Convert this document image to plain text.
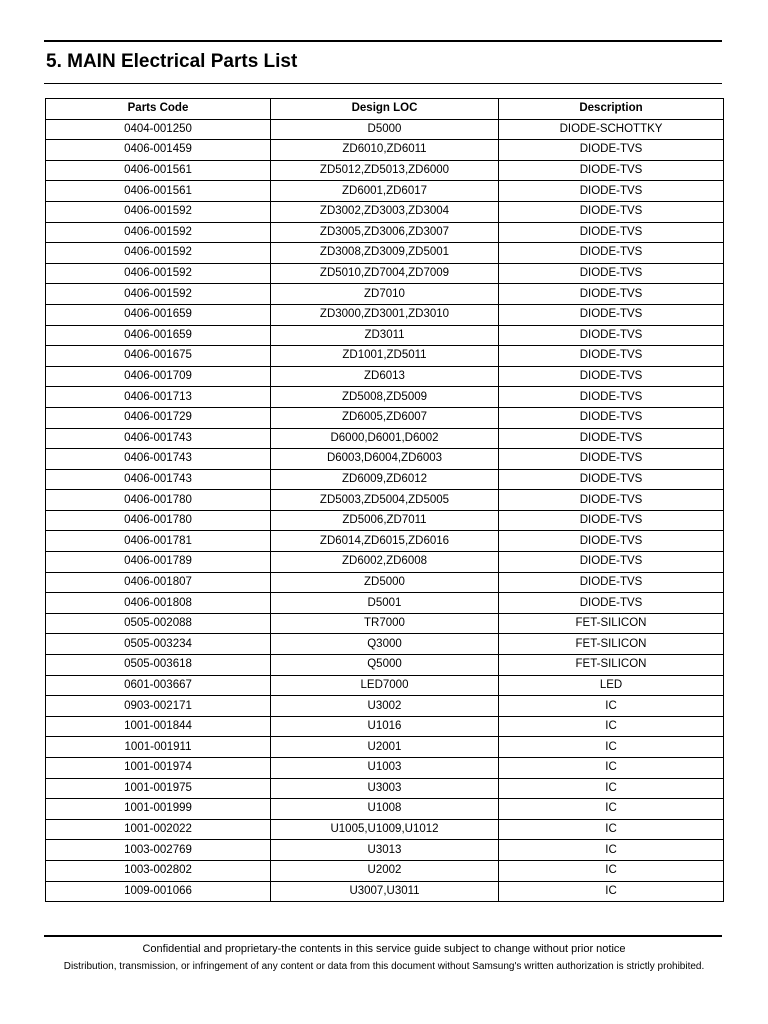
5. MAIN Electrical Parts List
Parts Code	Design LOC	Description
0404-001250	D5000	DIODE-SCHOTTKY
0406-001459	ZD6010,ZD6011	DIODE-TVS
0406-001561	ZD5012,ZD5013,ZD6000	DIODE-TVS
0406-001561	ZD6001,ZD6017	DIODE-TVS
0406-001592	ZD3002,ZD3003,ZD3004	DIODE-TVS
0406-001592	ZD3005,ZD3006,ZD3007	DIODE-TVS
0406-001592	ZD3008,ZD3009,ZD5001	DIODE-TVS
0406-001592	ZD5010,ZD7004,ZD7009	DIODE-TVS
0406-001592	ZD7010	DIODE-TVS
0406-001659	ZD3000,ZD3001,ZD3010	DIODE-TVS
0406-001659	ZD3011	DIODE-TVS
0406-001675	ZD1001,ZD5011	DIODE-TVS
0406-001709	ZD6013	DIODE-TVS
0406-001713	ZD5008,ZD5009	DIODE-TVS
0406-001729	ZD6005,ZD6007	DIODE-TVS
0406-001743	D6000,D6001,D6002	DIODE-TVS
0406-001743	D6003,D6004,ZD6003	DIODE-TVS
0406-001743	ZD6009,ZD6012	DIODE-TVS
0406-001780	ZD5003,ZD5004,ZD5005	DIODE-TVS
0406-001780	ZD5006,ZD7011	DIODE-TVS
0406-001781	ZD6014,ZD6015,ZD6016	DIODE-TVS
0406-001789	ZD6002,ZD6008	DIODE-TVS
0406-001807	ZD5000	DIODE-TVS
0406-001808	D5001	DIODE-TVS
0505-002088	TR7000	FET-SILICON
0505-003234	Q3000	FET-SILICON
0505-003618	Q5000	FET-SILICON
0601-003667	LED7000	LED
0903-002171	U3002	IC
1001-001844	U1016	IC
1001-001911	U2001	IC
1001-001974	U1003	IC
1001-001975	U3003	IC
1001-001999	U1008	IC
1001-002022	U1005,U1009,U1012	IC
1003-002769	U3013	IC
1003-002802	U2002	IC
1009-001066	U3007,U3011	IC
Confidential and proprietary-the contents in this service guide subject to change without prior notice
Distribution, transmission, or infringement of any content or data from this document without Samsung's written authorization is strictly prohibited.
